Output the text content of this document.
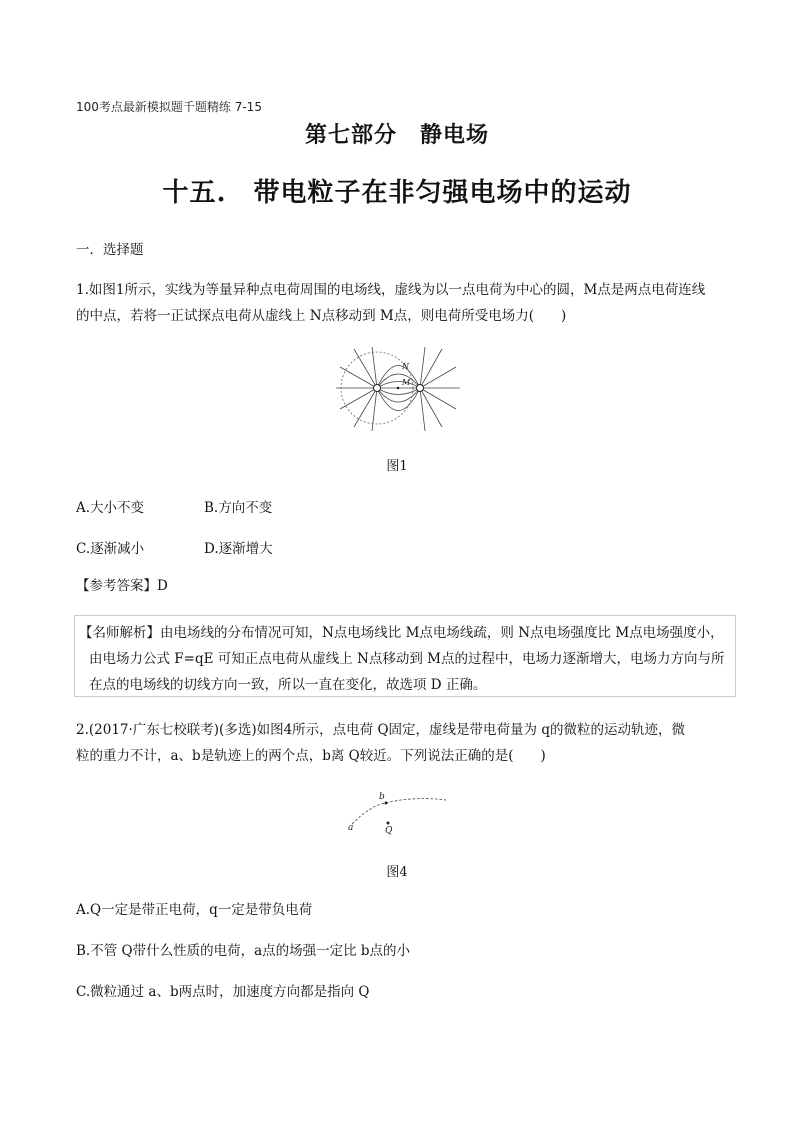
100考点最新模拟题千题精练 7-15
第七部分　静电场
十五.　带电粒子在非匀强电场中的运动
一．选择题
1.如图1所示，实线为等量异种点电荷周围的电场线，虚线为以一点电荷为中心的圆，M点是两点电荷连线
的中点，若将一正试探点电荷从虚线上 N点移动到 M点，则电荷所受电场力(　　)
M
N
图1
A.大小不变	B.方向不变
C.逐渐减小	D.逐渐增大
【参考答案】D
【名师解析】由电场线的分布情况可知，N点电场线比 M点电场线疏，则 N点电场强度比 M点电场强度小，
由电场力公式 F=qE 可知正点电荷从虚线上 N点移动到 M点的过程中，电场力逐渐增大，电场力方向与所
在点的电场线的切线方向一致，所以一直在变化，故选项 D 正确。
2.(2017·广东七校联考)(多选)如图4所示，点电荷 Q固定，虚线是带电荷量为 q的微粒的运动轨迹，微
粒的重力不计，a、b是轨迹上的两个点，b离 Q较近。下列说法正确的是(　　)
b
a	Q
图4
A.Q一定是带正电荷，q一定是带负电荷
B.不管 Q带什么性质的电荷，a点的场强一定比 b点的小
C.微粒通过 a、b两点时，加速度方向都是指向 Q
